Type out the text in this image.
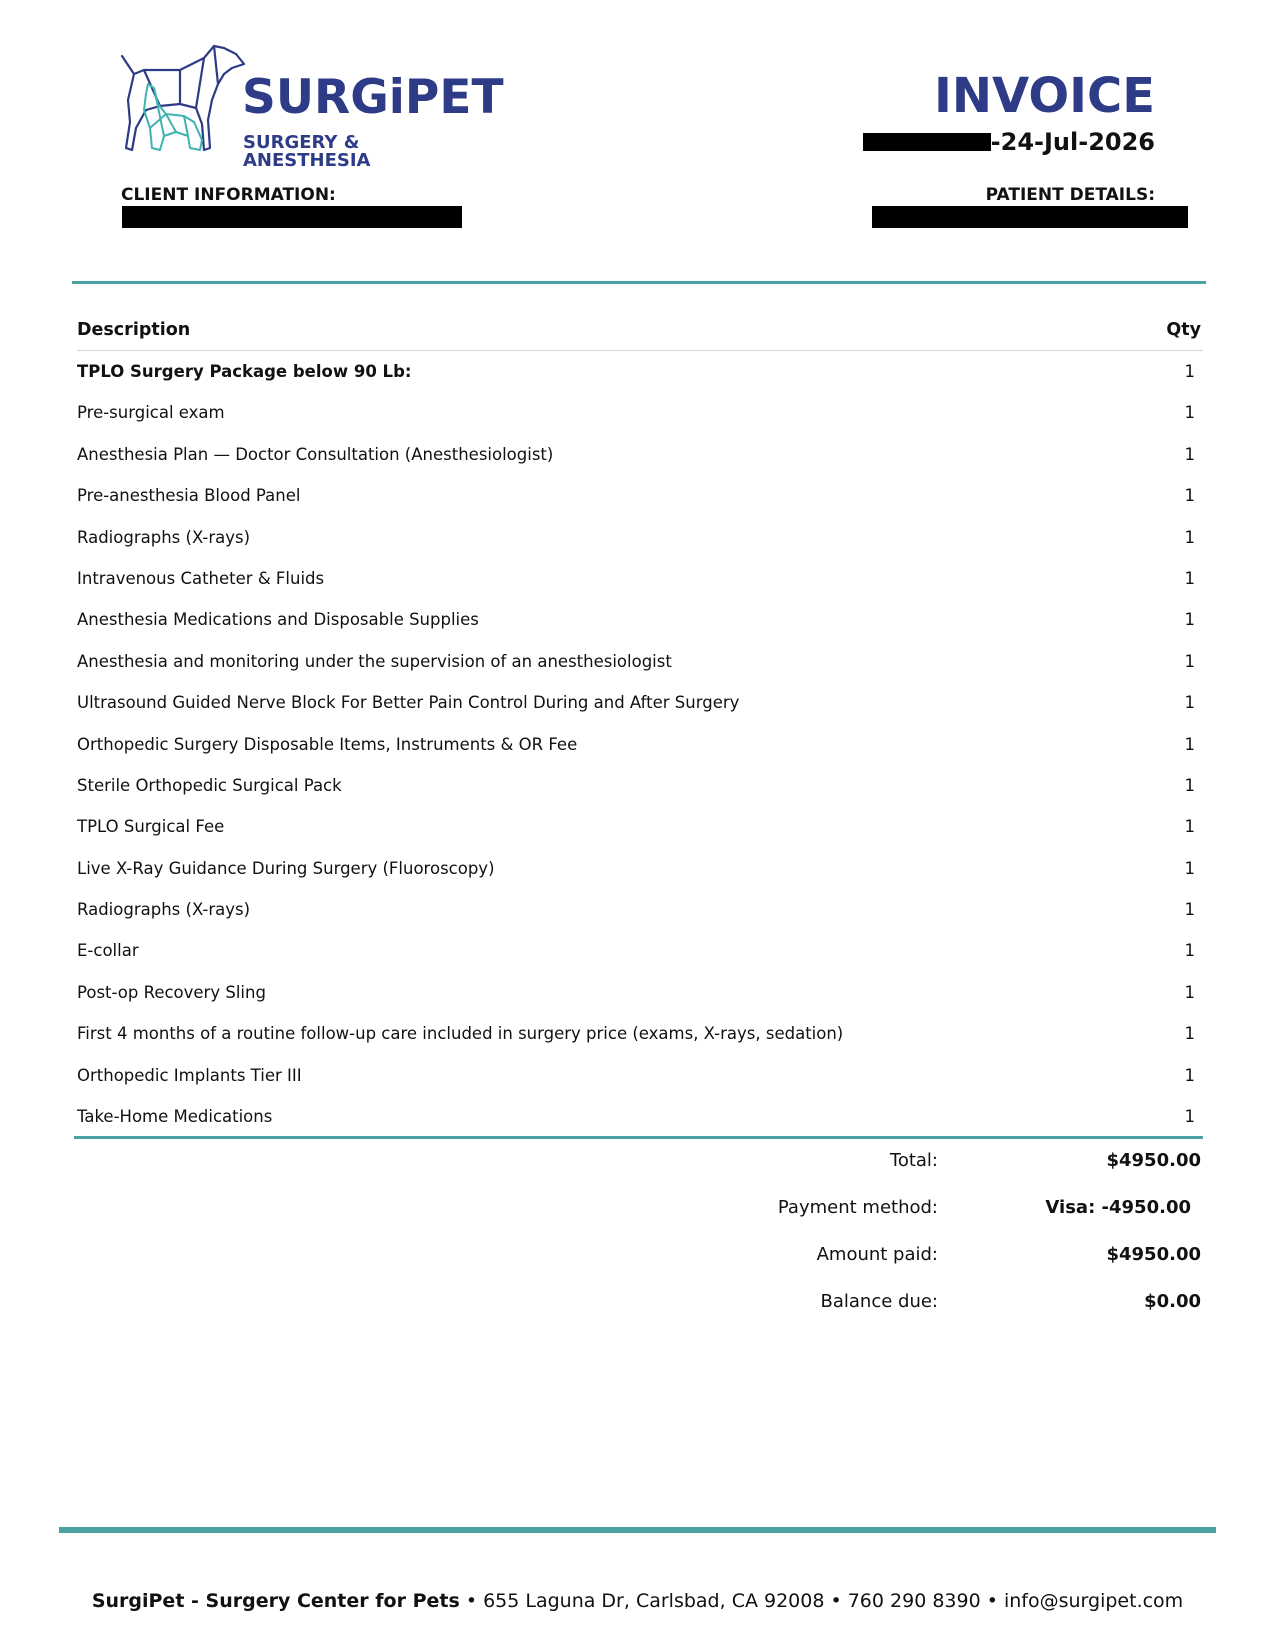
SURGiPET
SURGERY & ANESTHESIA
INVOICE
-24-Jul-2026
CLIENT INFORMATION:	PATIENT DETAILS:
Description	Qty
TPLO Surgery Package below 90 Lb:	1
Pre-surgical exam	1
Anesthesia Plan — Doctor Consultation (Anesthesiologist)	1
Pre-anesthesia Blood Panel	1
Radiographs (X-rays)	1
Intravenous Catheter & Fluids	1
Anesthesia Medications and Disposable Supplies	1
Anesthesia and monitoring under the supervision of an anesthesiologist	1
Ultrasound Guided Nerve Block For Better Pain Control During and After Surgery	1
Orthopedic Surgery Disposable Items, Instruments & OR Fee	1
Sterile Orthopedic Surgical Pack	1
TPLO Surgical Fee	1
Live X-Ray Guidance During Surgery (Fluoroscopy)	1
Radiographs (X-rays)	1
E-collar	1
Post-op Recovery Sling	1
First 4 months of a routine follow-up care included in surgery price (exams, X-rays, sedation)	1
Orthopedic Implants Tier III	1
Take-Home Medications	1
Total:	$4950.00
Payment method:	Visa: -4950.00
Amount paid:	$4950.00
Balance due:	$0.00
SurgiPet - Surgery Center for Pets • 655 Laguna Dr, Carlsbad, CA 92008 • 760 290 8390 • info@surgipet.com
